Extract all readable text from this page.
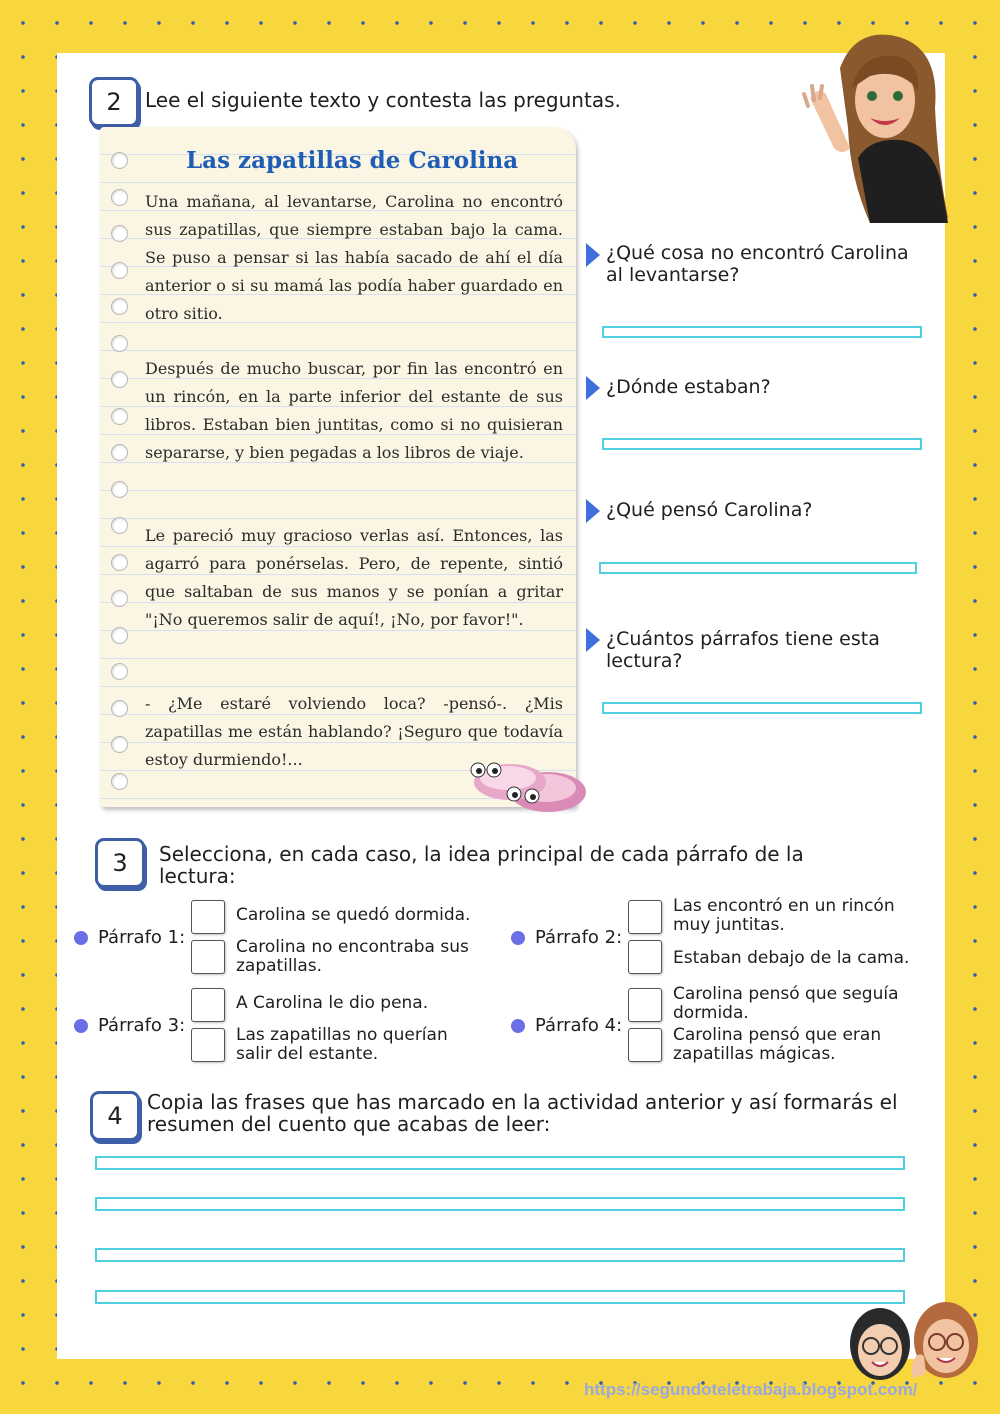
2	Lee el siguiente texto y contesta las preguntas.
Las zapatillas de Carolina

Una mañana, al levantarse, Carolina no encontró sus zapatillas, que siempre estaban bajo la cama. Se puso a pensar si las había sacado de ahí el día anterior o si su mamá las podía haber guardado en otro sitio.

Después de mucho buscar, por fin las encontró en un rincón, en la parte inferior del estante de sus libros. Estaban bien juntitas, como si no quisieran separarse, y bien pegadas a los libros de viaje.

Le pareció muy gracioso verlas así. Entonces, las agarró para ponérselas. Pero, de repente, sintió que saltaban de sus manos y se ponían a gritar "¡No queremos salir de aquí!, ¡No, por favor!".

- ¿Me estaré volviendo loca? -pensó-. ¿Mis zapatillas me están hablando? ¡Seguro que todavía estoy durmiendo!...

¿Qué cosa no encontró Carolina al levantarse?
¿Dónde estaban?
¿Qué pensó Carolina?
¿Cuántos párrafos tiene esta lectura?
3	Selecciona, en cada caso, la idea principal de cada párrafo de la lectura:
Párrafo 1:
Carolina se quedó dormida.
Carolina no encontraba sus zapatillas.
Párrafo 2:
Las encontró en un rincón muy juntitas.
Estaban debajo de la cama.
Párrafo 3:
A Carolina le dio pena.
Las zapatillas no querían salir del estante.
Párrafo 4:
Carolina pensó que seguía dormida.
Carolina pensó que eran zapatillas mágicas.
4	Copia las frases que has marcado en la actividad anterior y así formarás el resumen del cuento que acabas de leer:
https://segundoteletrabaja.blogspot.com/
